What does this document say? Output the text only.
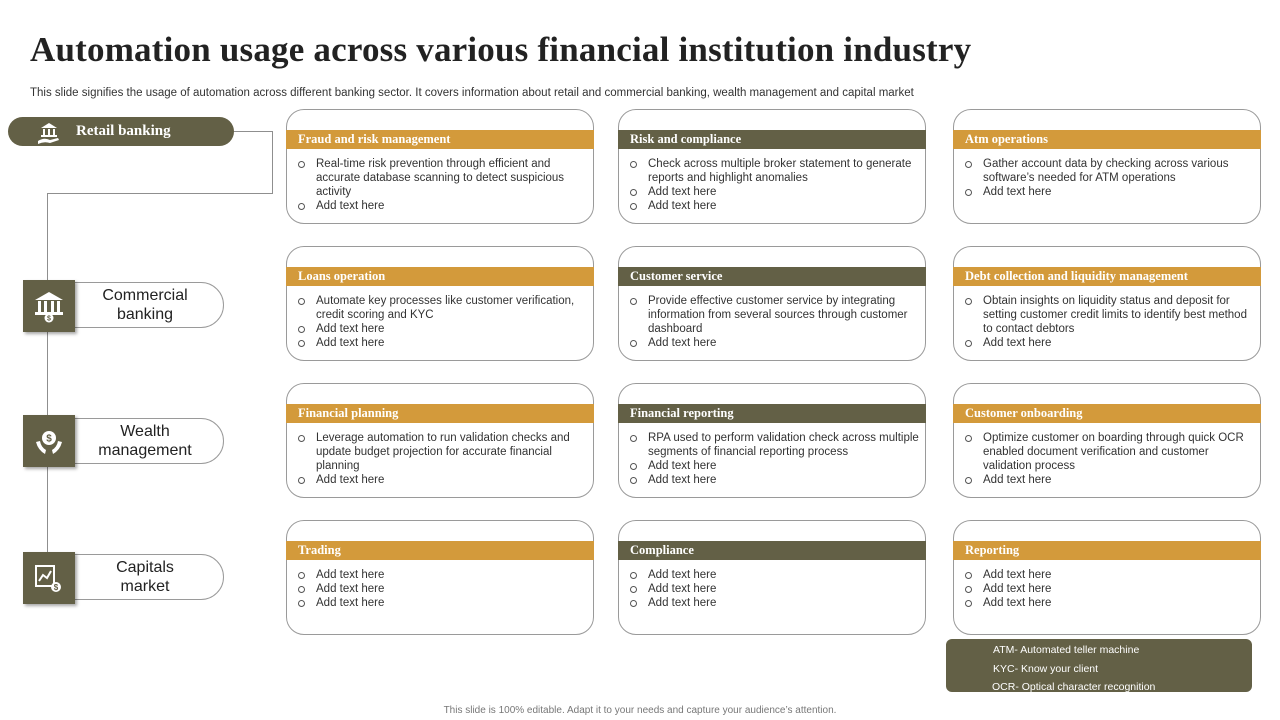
Automation usage across various financial institution industry
This slide signifies the usage of automation across different banking sector. It covers information about retail and commercial banking, wealth management and capital market
Retail banking
Commercial
banking
$
Wealth
management
$
Capitals
market
$
Fraud and risk management
Real-time risk prevention through efficient and accurate database scanning to detect suspicious activity
Add text here
Risk and compliance
Check across multiple broker statement to generate reports and highlight anomalies
Add text here
Add text here
Atm operations
Gather account data by checking across various software’s needed for ATM operations
Add text here
Loans operation
Automate key processes like customer verification, credit scoring and KYC
Add text here
Add text here
Customer service
Provide effective customer service by integrating information from several sources through customer dashboard
Add text here
Debt collection and liquidity management
Obtain insights on liquidity status and deposit for setting customer credit limits to identify best method to contact debtors
Add text here
Financial planning
Leverage automation to run validation checks and update budget projection for accurate financial planning
Add text here
Financial reporting
RPA used to perform validation check across multiple segments of financial reporting process
Add text here
Add text here
Customer onboarding
Optimize customer on boarding through quick OCR enabled document verification and customer validation process
Add text here
Trading
Add text here
Add text here
Add text here
Compliance
Add text here
Add text here
Add text here
Reporting
Add text here
Add text here
Add text here
ATM- Automated teller machine
KYC- Know your client
OCR- Optical character recognition
This slide is 100% editable. Adapt it to your needs and capture your audience’s attention.
